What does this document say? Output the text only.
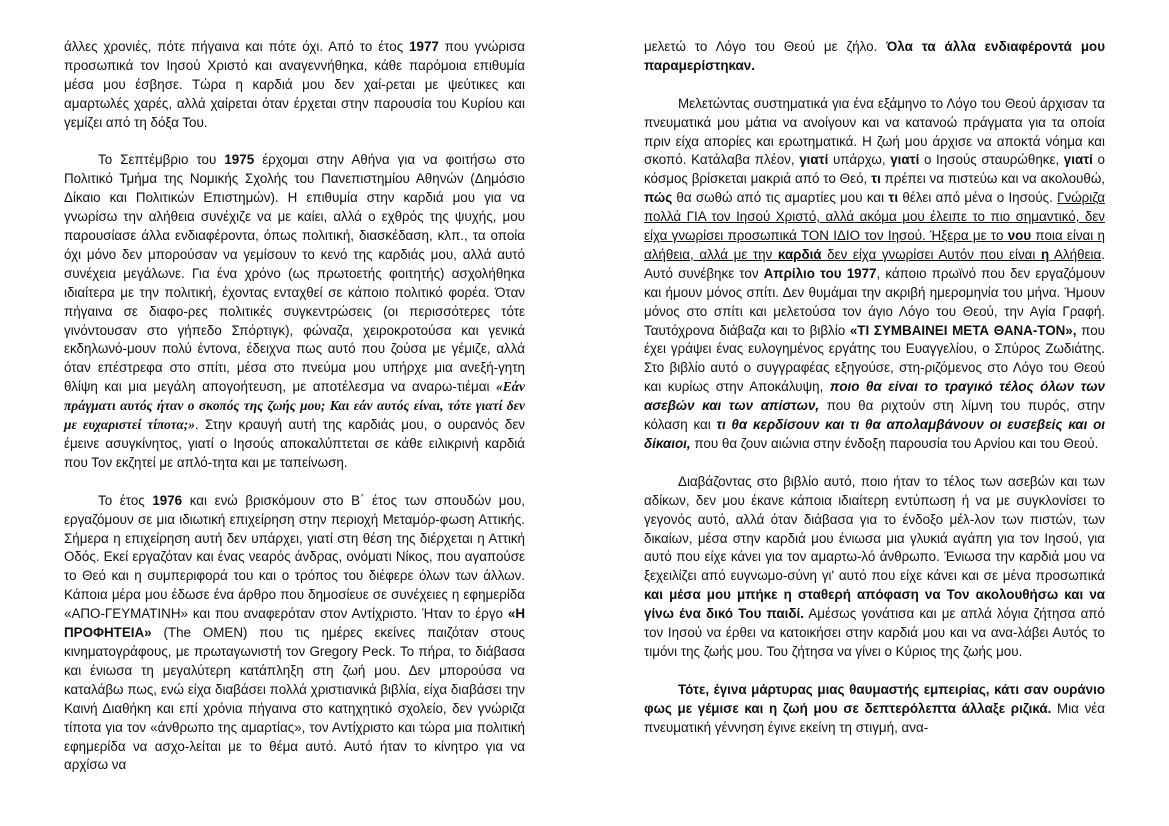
άλλες χρονιές, πότε πήγαινα και πότε όχι. Από το έτος 1977 που γνώρισα προσωπικά τον Ιησού Χριστό και αναγεννήθηκα, κάθε παρόμοια επιθυμία μέσα μου έσβησε. Τώρα η καρδιά μου δεν χαί-ρεται με ψεύτικες και αμαρτωλές χαρές, αλλά χαίρεται όταν έρχεται στην παρουσία του Κυρίου και γεμίζει από τη δόξα Του.

Το Σεπτέμβριο του 1975 έρχομαι στην Αθήνα για να φοιτήσω στο Πολιτικό Τμήμα της Νομικής Σχολής του Πανεπιστημίου Αθηνών (Δημόσιο Δίκαιο και Πολιτικών Επιστημών). Η επιθυμία στην καρδιά μου για να γνωρίσω την αλήθεια συνέχιζε να με καίει, αλλά ο εχθρός της ψυχής, μου παρουσίασε άλλα ενδιαφέροντα, όπως πολιτική, διασκέδαση, κλπ., τα οποία όχι μόνο δεν μπορούσαν να γεμίσουν το κενό της καρδιάς μου, αλλά αυτό συνέχεια μεγάλωνε. Για ένα χρόνο (ως πρωτοετής φοιτητής) ασχολήθηκα ιδιαίτερα με την πολιτική, έχοντας ενταχθεί σε κάποιο πολιτικό φορέα. Όταν πήγαινα σε διαφο-ρες πολιτικές συγκεντρώσεις (οι περισσότερες τότε γινόντουσαν στο γήπεδο Σπόρτιγκ), φώναζα, χειροκροτούσα και γενικά εκδηλωνό-μουν πολύ έντονα, έδειχνα πως αυτό που ζούσα με γέμιζε, αλλά όταν επέστρεφα στο σπίτι, μέσα στο πνεύμα μου υπήρχε μια ανεξή-γητη θλίψη και μια μεγάλη απογοήτευση, με αποτέλεσμα να αναρω-τιέμαι «Εάν πράγματι αυτός ήταν ο σκοπός της ζωής μου; Και εάν αυτός είναι, τότε γιατί δεν με ευχαριστεί τίποτα;». Στην κραυγή αυτή της καρδιάς μου, ο ουρανός δεν έμεινε ασυγκίνητος, γιατί ο Ιησούς αποκαλύπτεται σε κάθε ειλικρινή καρδιά που Τον εκζητεί με απλό-τητα και με ταπείνωση.

Το έτος 1976 και ενώ βρισκόμουν στο Β΄ έτος των σπουδών μου, εργαζόμουν σε μια ιδιωτική επιχείρηση στην περιοχή Μεταμόρ-φωση Αττικής. Σήμερα η επιχείρηση αυτή δεν υπάρχει, γιατί στη θέση της διέρχεται η Αττική Οδός. Εκεί εργαζόταν και ένας νεαρός άνδρας, ονόματι Νίκος, που αγαπούσε το Θεό και η συμπεριφορά του και ο τρόπος του διέφερε όλων των άλλων. Κάποια μέρα μου έδωσε ένα άρθρο που δημοσίευε σε συνέχειες η εφημερίδα «ΑΠΟ-ΓΕΥΜΑΤΙΝΗ» και που αναφερόταν στον Αντίχριστο. Ήταν το έργο «Η ΠΡΟΦΗΤΕΙΑ» (The OMEN) που τις ημέρες εκείνες παιζόταν στους κινηματογράφους, με πρωταγωνιστή τον Gregory Peck. Το πήρα, το διάβασα και ένιωσα τη μεγαλύτερη κατάπληξη στη ζωή μου. Δεν μπορούσα να καταλάβω πως, ενώ είχα διαβάσει πολλά χριστιανικά βιβλία, είχα διαβάσει την Καινή Διαθήκη και επί χρόνια πήγαινα στο κατηχητικό σχολείο, δεν γνώριζα τίποτα για τον «άνθρωπο της αμαρτίας», τον Αντίχριστο και τώρα μια πολιτική εφημερίδα να ασχο-λείται με το θέμα αυτό. Αυτό ήταν το κίνητρο για να αρχίσω να

μελετώ το Λόγο του Θεού με ζήλο. Όλα τα άλλα ενδιαφέροντά μου παραμερίστηκαν.

Μελετώντας συστηματικά για ένα εξάμηνο το Λόγο του Θεού άρχισαν τα πνευματικά μου μάτια να ανοίγουν και να κατανοώ πράγματα για τα οποία πριν είχα απορίες και ερωτηματικά. Η ζωή μου άρχισε να αποκτά νόημα και σκοπό. Κατάλαβα πλέον, γιατί υπάρχω, γιατί ο Ιησούς σταυρώθηκε, γιατί ο κόσμος βρίσκεται μακριά από το Θεό, τι πρέπει να πιστεύω και να ακολουθώ, πώς θα σωθώ από τις αμαρτίες μου και τι θέλει από μένα ο Ιησούς. Γνώριζα πολλά ΓΙΑ τον Ιησού Χριστό, αλλά ακόμα μου έλειπε το πιο σημαντικό, δεν είχα γνωρίσει προσωπικά ΤΟΝ ΙΔΙΟ τον Ιησού. Ήξερα με το νου ποια είναι η αλήθεια, αλλά με την καρδιά δεν είχα γνωρίσει Αυτόν που είναι η Αλήθεια. Αυτό συνέβηκε τον Απρίλιο του 1977, κάποιο πρωϊνό που δεν εργαζόμουν και ήμουν μόνος σπίτι. Δεν θυμάμαι την ακριβή ημερομηνία του μήνα. Ήμουν μόνος στο σπίτι και μελετούσα τον άγιο Λόγο του Θεού, την Αγία Γραφή. Ταυτόχρονα διάβαζα και το βιβλίο «ΤΙ ΣΥΜΒΑΙΝΕΙ ΜΕΤΑ ΘΑΝΑ-ΤΟΝ», που έχει γράψει ένας ευλογημένος εργάτης του Ευαγγελίου, ο Σπύρος Ζωδιάτης. Στο βιβλίο αυτό ο συγγραφέας εξηγούσε, στη-ριζόμενος στο Λόγο του Θεού και κυρίως στην Αποκάλυψη, ποιο θα είναι το τραγικό τέλος όλων των ασεβών και των απίστων, που θα ριχτούν στη λίμνη του πυρός, στην κόλαση και τι θα κερδίσουν και τι θα απολαμβάνουν οι ευσεβείς και οι δίκαιοι, που θα ζουν αιώνια στην ένδοξη παρουσία του Αρνίου και του Θεού.

Διαβάζοντας στο βιβλίο αυτό, ποιο ήταν το τέλος των ασεβών και των αδίκων, δεν μου έκανε κάποια ιδιαίτερη εντύπωση ή να με συγκλονίσει το γεγονός αυτό, αλλά όταν διάβασα για το ένδοξο μέλ-λον των πιστών, των δικαίων, μέσα στην καρδιά μου ένιωσα μια γλυκιά αγάπη για τον Ιησού, για αυτό που είχε κάνει για τον αμαρτω-λό άνθρωπο. Ένιωσα την καρδιά μου να ξεχειλίζει από ευγνωμο-σύνη γι' αυτό που είχε κάνει και σε μένα προσωπικά και μέσα μου μπήκε η σταθερή απόφαση να Τον ακολουθήσω και να γίνω ένα δικό Του παιδί. Αμέσως γονάτισα και με απλά λόγια ζήτησα από τον Ιησού να έρθει να κατοικήσει στην καρδιά μου και να ανα-λάβει Αυτός το τιμόνι της ζωής μου. Του ζήτησα να γίνει ο Κύριος της ζωής μου.

Τότε, έγινα μάρτυρας μιας θαυμαστής εμπειρίας, κάτι σαν ουράνιο φως με γέμισε και η ζωή μου σε δεπτερόλεπτα άλλαξε ριζικά. Μια νέα πνευματική γέννηση έγινε εκείνη τη στιγμή, ανα-
